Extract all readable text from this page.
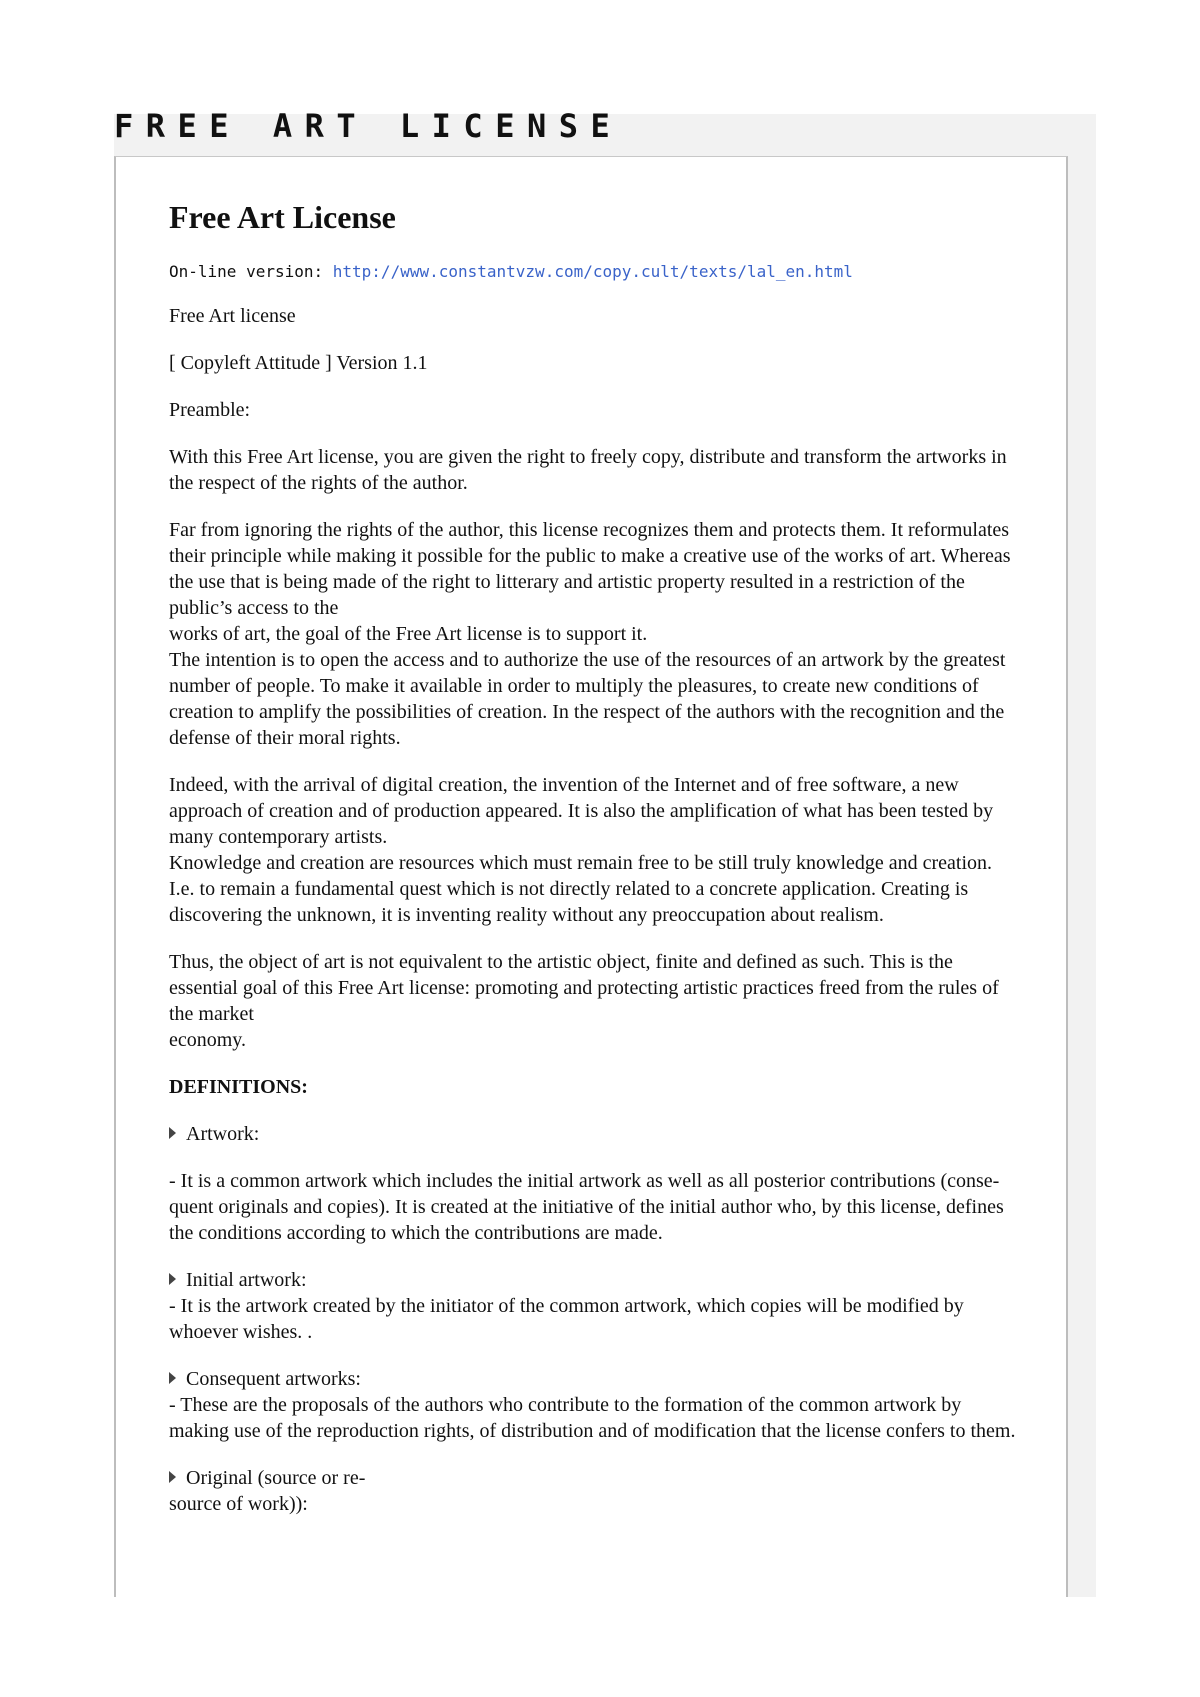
FREE ART LICENSE
Free Art License
On-line version: http://www.constantvzw.com/copy.cult/texts/lal_en.html

Free Art license

[ Copyleft Attitude ] Version 1.1

Preamble:

With this Free Art license, you are given the right to freely copy, distribute and transform the artworks in the respect of the rights of the author.

Far from ignoring the rights of the author, this license recognizes them and protects them. It reformulates their principle while making it possible for the public to make a creative use of the works of art. Whereas the use that is being made of the right to litterary and artistic property resulted in a restriction of the public’s access to the

works of art, the goal of the Free Art license is to support it.

The intention is to open the access and to authorize the use of the resources of an artwork by the greatest number of people. To make it available in order to multiply the pleasures, to create new conditions of creation to amplify the possibilities of creation. In the respect of the authors with the recognition and the defense of their moral rights.

Indeed, with the arrival of digital creation, the invention of the Internet and of free software, a new approach of creation and of production appeared. It is also the amplification of what has been tested by many contemporary artists.

Knowledge and creation are resources which must remain free to be still truly knowledge and creation. I.e. to remain a fundamental quest which is not directly related to a concrete application. Creating is discovering the unknown, it is inventing reality without any preoccupation about realism.

Thus, the object of art is not equivalent to the artistic object, finite and defined as such. This is the essential goal of this Free Art license: promoting and protecting artistic practices freed from the rules of the market

economy.

DEFINITIONS:
Artwork:
- It is a common artwork which includes the initial artwork as well as all posterior contributions (conse-quent originals and copies). It is created at the initiative of the initial author who, by this license, defines the conditions according to which the contributions are made.
Initial artwork:
- It is the artwork created by the initiator of the common artwork, which copies will be modified by whoever wishes. .
Consequent artworks:
- These are the proposals of the authors who contribute to the formation of the common artwork by making use of the reproduction rights, of distribution and of modification that the license confers to them.
Original (source or re-
source of work)):
